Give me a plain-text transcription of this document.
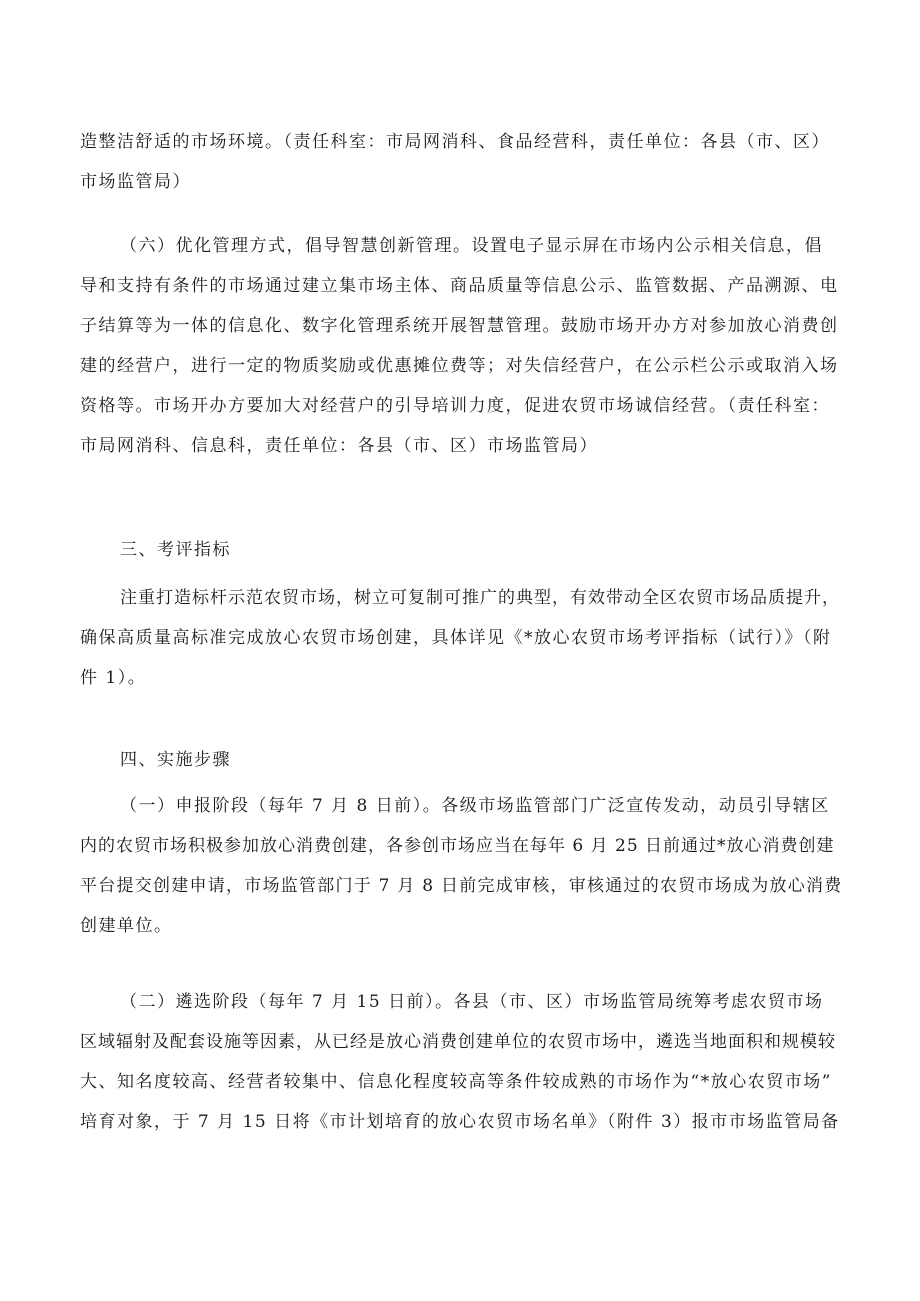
造整洁舒适的市场环境。（责任科室：市局网消科、食品经营科，责任单位：各县（市、区）
市场监管局）
（六）优化管理方式，倡导智慧创新管理。设置电子显示屏在市场内公示相关信息，倡
导和支持有条件的市场通过建立集市场主体、商品质量等信息公示、监管数据、产品溯源、电
子结算等为一体的信息化、数字化管理系统开展智慧管理。鼓励市场开办方对参加放心消费创
建的经营户，进行一定的物质奖励或优惠摊位费等；对失信经营户，在公示栏公示或取消入场
资格等。市场开办方要加大对经营户的引导培训力度，促进农贸市场诚信经营。（责任科室：
市局网消科、信息科，责任单位：各县（市、区）市场监管局）
三、考评指标
注重打造标杆示范农贸市场，树立可复制可推广的典型，有效带动全区农贸市场品质提升，
确保高质量高标准完成放心农贸市场创建，具体详见《*放心农贸市场考评指标（试行）》（附
件 1）。
四、实施步骤
（一）申报阶段（每年 7 月 8 日前）。各级市场监管部门广泛宣传发动，动员引导辖区
内的农贸市场积极参加放心消费创建，各参创市场应当在每年 6 月 25 日前通过*放心消费创建
平台提交创建申请，市场监管部门于 7 月 8 日前完成审核，审核通过的农贸市场成为放心消费
创建单位。
（二）遴选阶段（每年 7 月 15 日前）。各县（市、区）市场监管局统筹考虑农贸市场
区域辐射及配套设施等因素，从已经是放心消费创建单位的农贸市场中，遴选当地面积和规模较
大、知名度较高、经营者较集中、信息化程度较高等条件较成熟的市场作为“*放心农贸市场”
培育对象，于 7 月 15 日将《市计划培育的放心农贸市场名单》（附件 3）报市市场监管局备
